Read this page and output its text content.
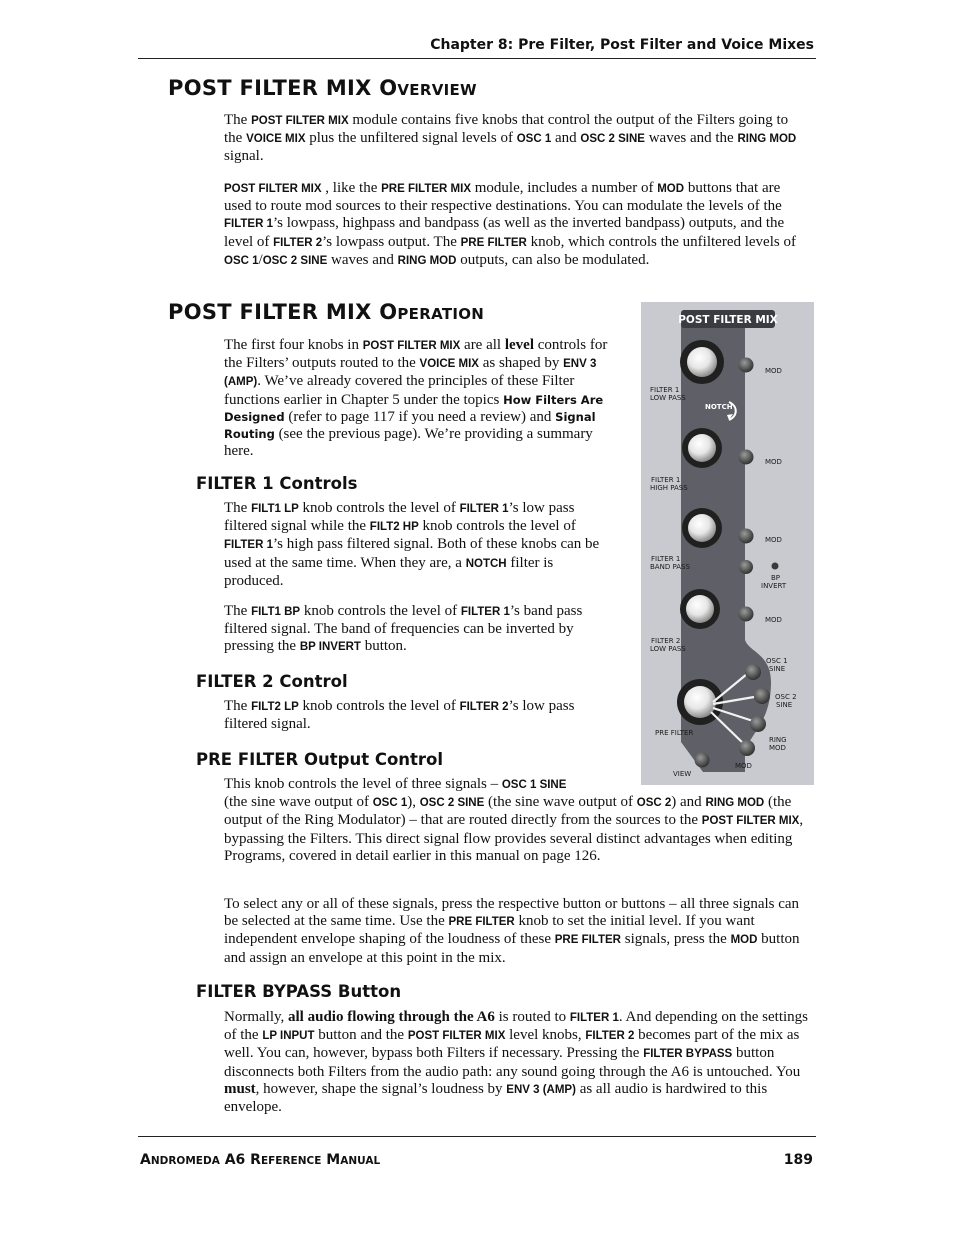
Chapter 8: Pre Filter, Post Filter and Voice Mixes
POST FILTER MIX OVERVIEW

The POST FILTER MIX module contains five knobs that control the output of the Filters going to the VOICE MIX plus the unfiltered signal levels of OSC 1 and OSC 2 SINE waves and the RING MOD signal.

POST FILTER MIX , like the PRE FILTER MIX module, includes a number of MOD buttons that are used to route mod sources to their respective destinations. You can modulate the levels of the FILTER 1’s lowpass, highpass and bandpass (as well as the inverted bandpass) outputs, and the level of FILTER 2’s lowpass output. The PRE FILTER knob, which controls the unfiltered levels of OSC 1/OSC 2 SINE waves and RING MOD outputs, can also be modulated.

POST FILTER MIX OPERATION

The first four knobs in POST FILTER MIX are all level controls for the Filters’ outputs routed to the VOICE MIX as shaped by ENV 3 (AMP). We’ve already covered the principles of these Filter functions earlier in Chapter 5 under the topics How Filters Are Designed (refer to page 117 if you need a review) and Signal Routing (see the previous page). We’re providing a summary here.

FILTER 1 Controls

The FILT1 LP knob controls the level of FILTER 1’s low pass filtered signal while the FILT2 HP knob controls the level of FILTER 1’s high pass filtered signal. Both of these knobs can be used at the same time. When they are, a NOTCH filter is produced.

The FILT1 BP knob controls the level of FILTER 1’s band pass filtered signal. The band of frequencies can be inverted by pressing the BP INVERT button.

FILTER 2 Control

The FILT2 LP knob controls the level of FILTER 2’s low pass filtered signal.

PRE FILTER Output Control

This knob controls the level of three signals – OSC 1 SINE
(the sine wave output of OSC 1), OSC 2 SINE (the sine wave output of OSC 2) and RING MOD (the output of the Ring Modulator) – that are routed directly from the sources to the POST FILTER MIX, bypassing the Filters. This direct signal flow provides several distinct advantages when editing Programs, covered in detail earlier in this manual on page 126.

To select any or all of these signals, press the respective button or buttons – all three signals can be selected at the same time. Use the PRE FILTER knob to set the initial level. If you want independent envelope shaping of the loudness of these PRE FILTER signals, press the MOD button and assign an envelope at this point in the mix.

FILTER BYPASS Button

Normally, all audio flowing through the A6 is routed to FILTER 1. And depending on the settings of the LP INPUT button and the POST FILTER MIX level knobs, FILTER 2 becomes part of the mix as well. You can, however, bypass both Filters if necessary. Pressing the FILTER BYPASS button disconnects both Filters from the audio path: any sound going through the A6 is untouched. You must, however, shape the signal’s loudness by ENV 3 (AMP) as all audio is hardwired to this envelope.

POST FILTER MIX
FILTER 1
LOW PASS
NOTCH
FILTER 1
HIGH PASS
FILTER 1
BAND PASS
BP
INVERT
FILTER 2
LOW PASS
OSC 1
SINE
OSC 2
SINE
RING
MOD
PRE FILTER
MOD
MOD
MOD
MOD
MOD
VIEW
ANDROMEDA A6 REFERENCE MANUAL	189
